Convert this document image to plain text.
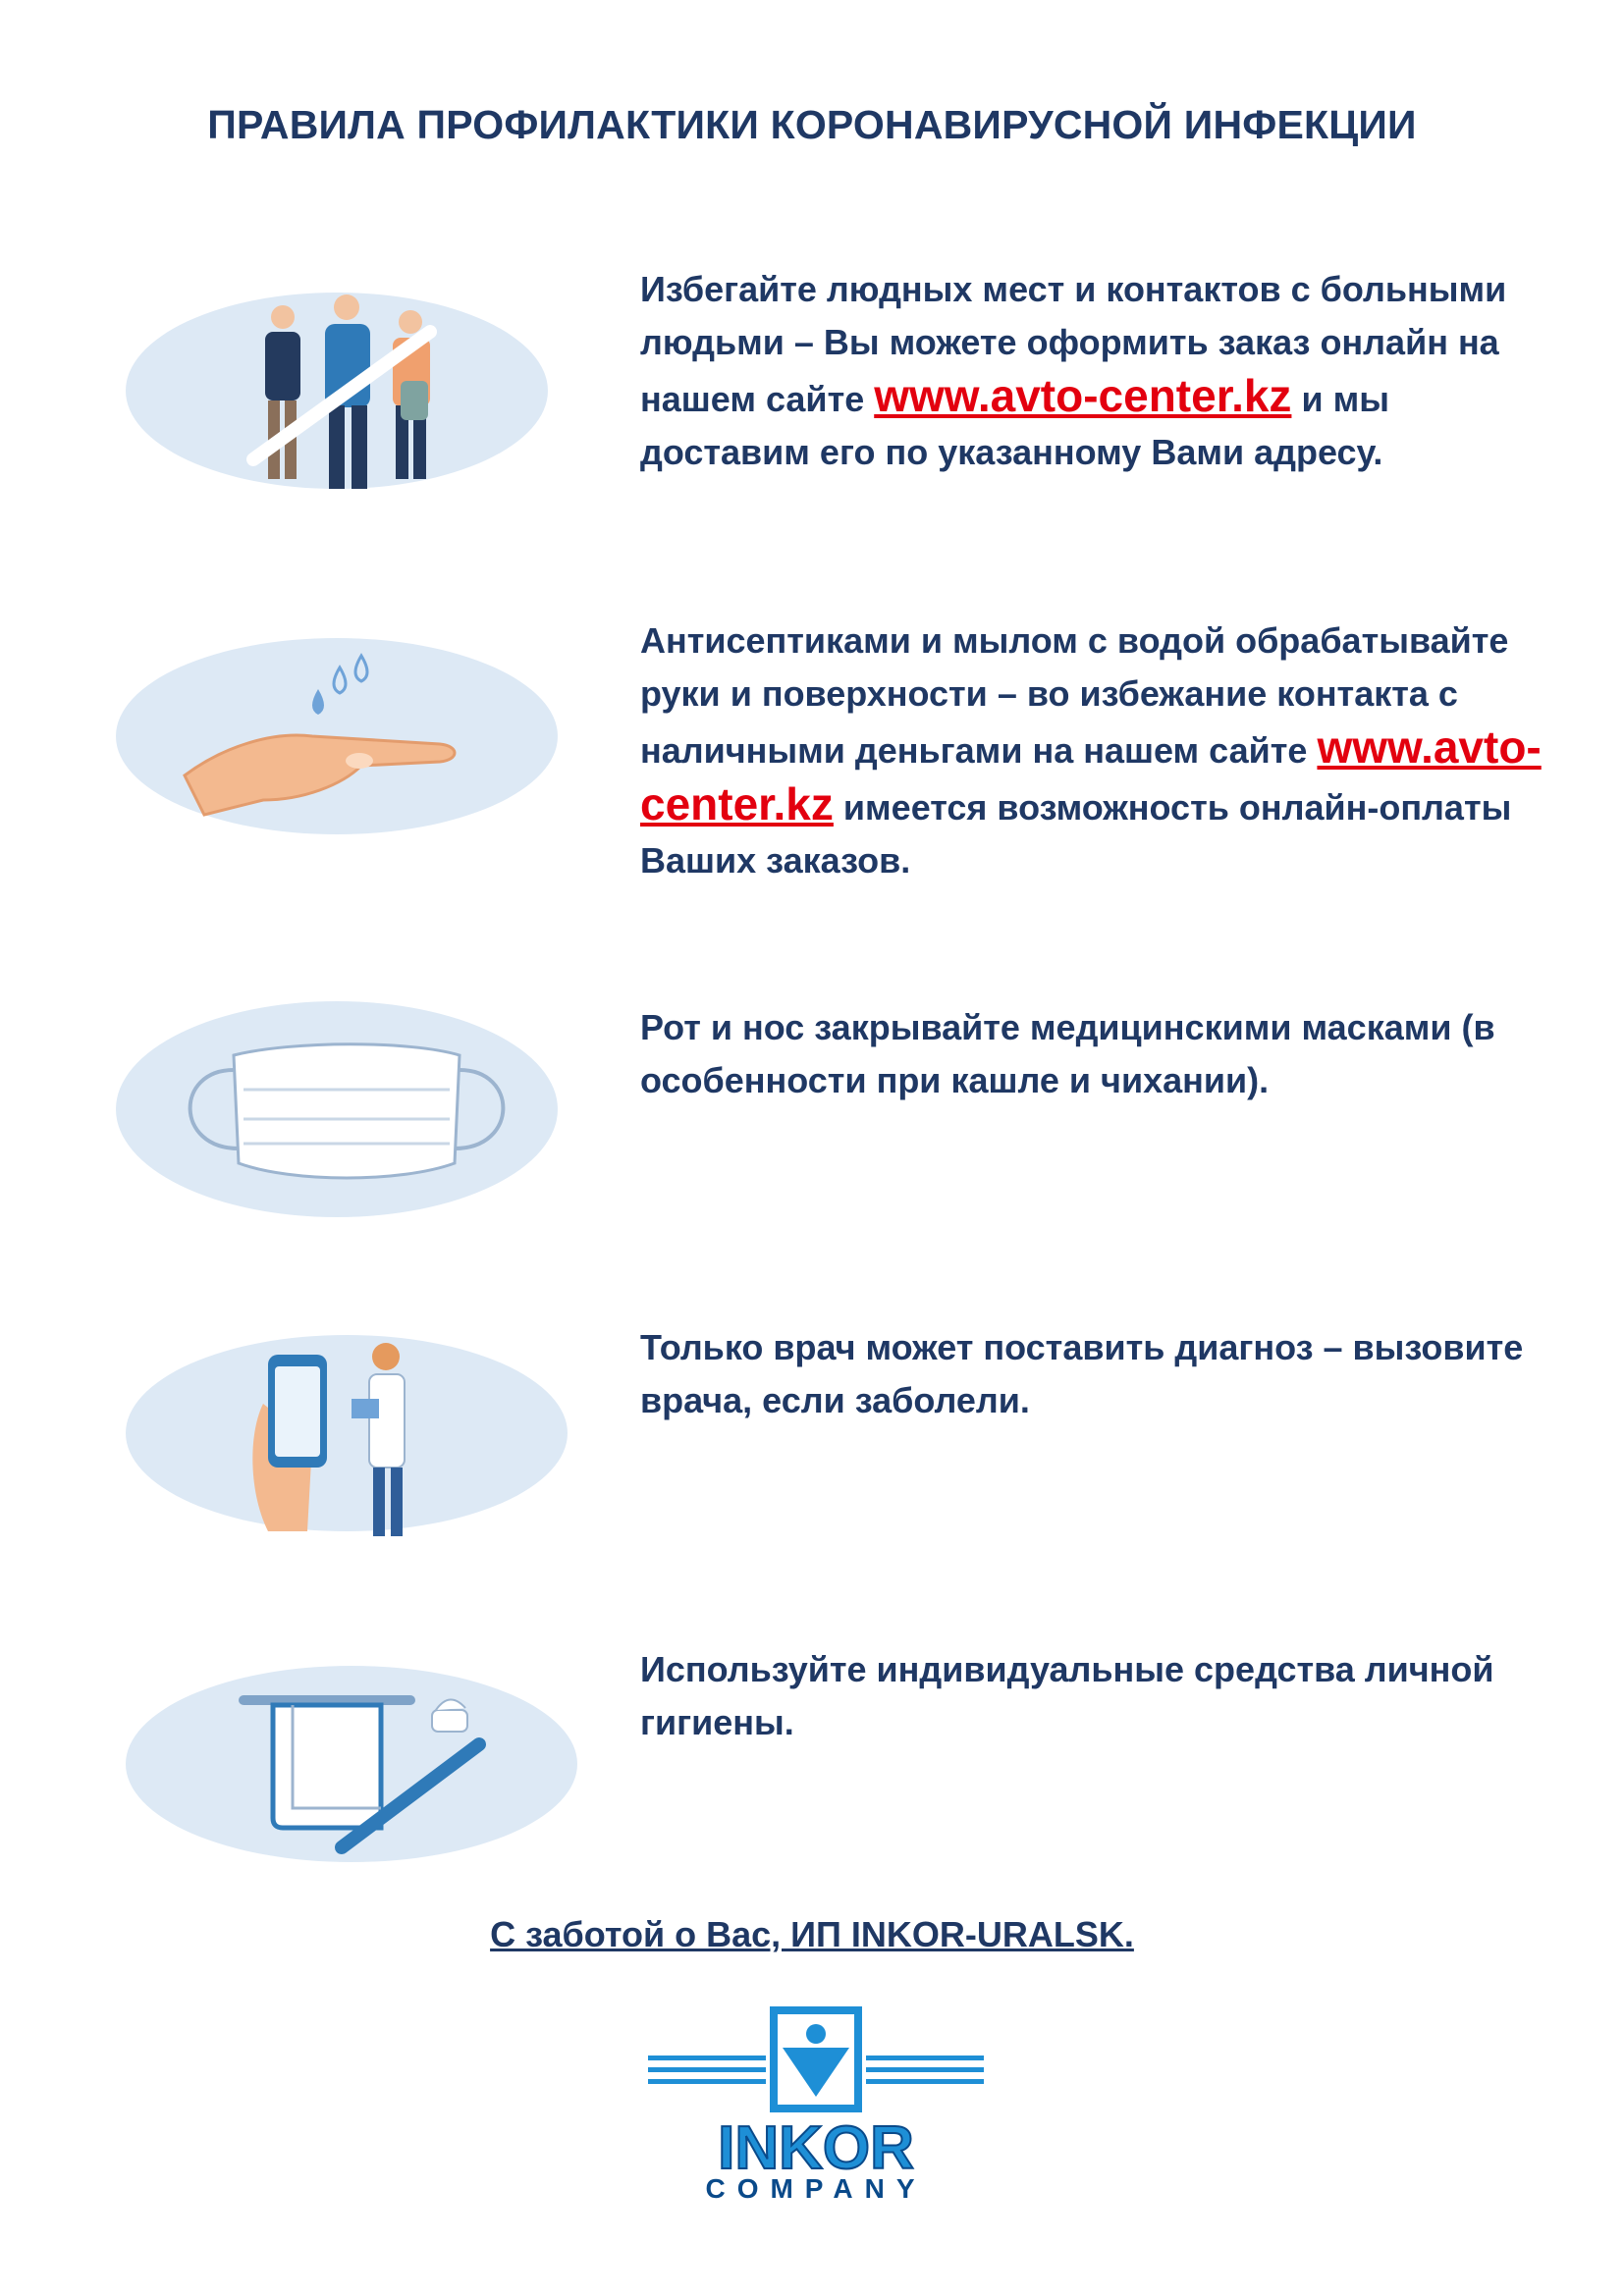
ПРАВИЛА ПРОФИЛАКТИКИ КОРОНАВИРУСНОЙ ИНФЕКЦИИ
Избегайте людных мест и контактов с больными людьми – Вы можете оформить заказ онлайн на нашем сайте www.avto-center.kz и мы доставим его по указанному Вами адресу.
Антисептиками и мылом с водой обрабатывайте руки и поверхности – во избежание контакта с наличными деньгами на нашем сайте www.avto-center.kz имеется возможность онлайн-оплаты Ваших заказов.
Рот и нос закрывайте медицинскими масками (в особенности при кашле и чихании).
Только врач может поставить диагноз – вызовите врача, если заболели.
Используйте индивидуальные средства личной гигиены.
С заботой о Вас, ИП INKOR-URALSK.
INKOR
COMPANY
